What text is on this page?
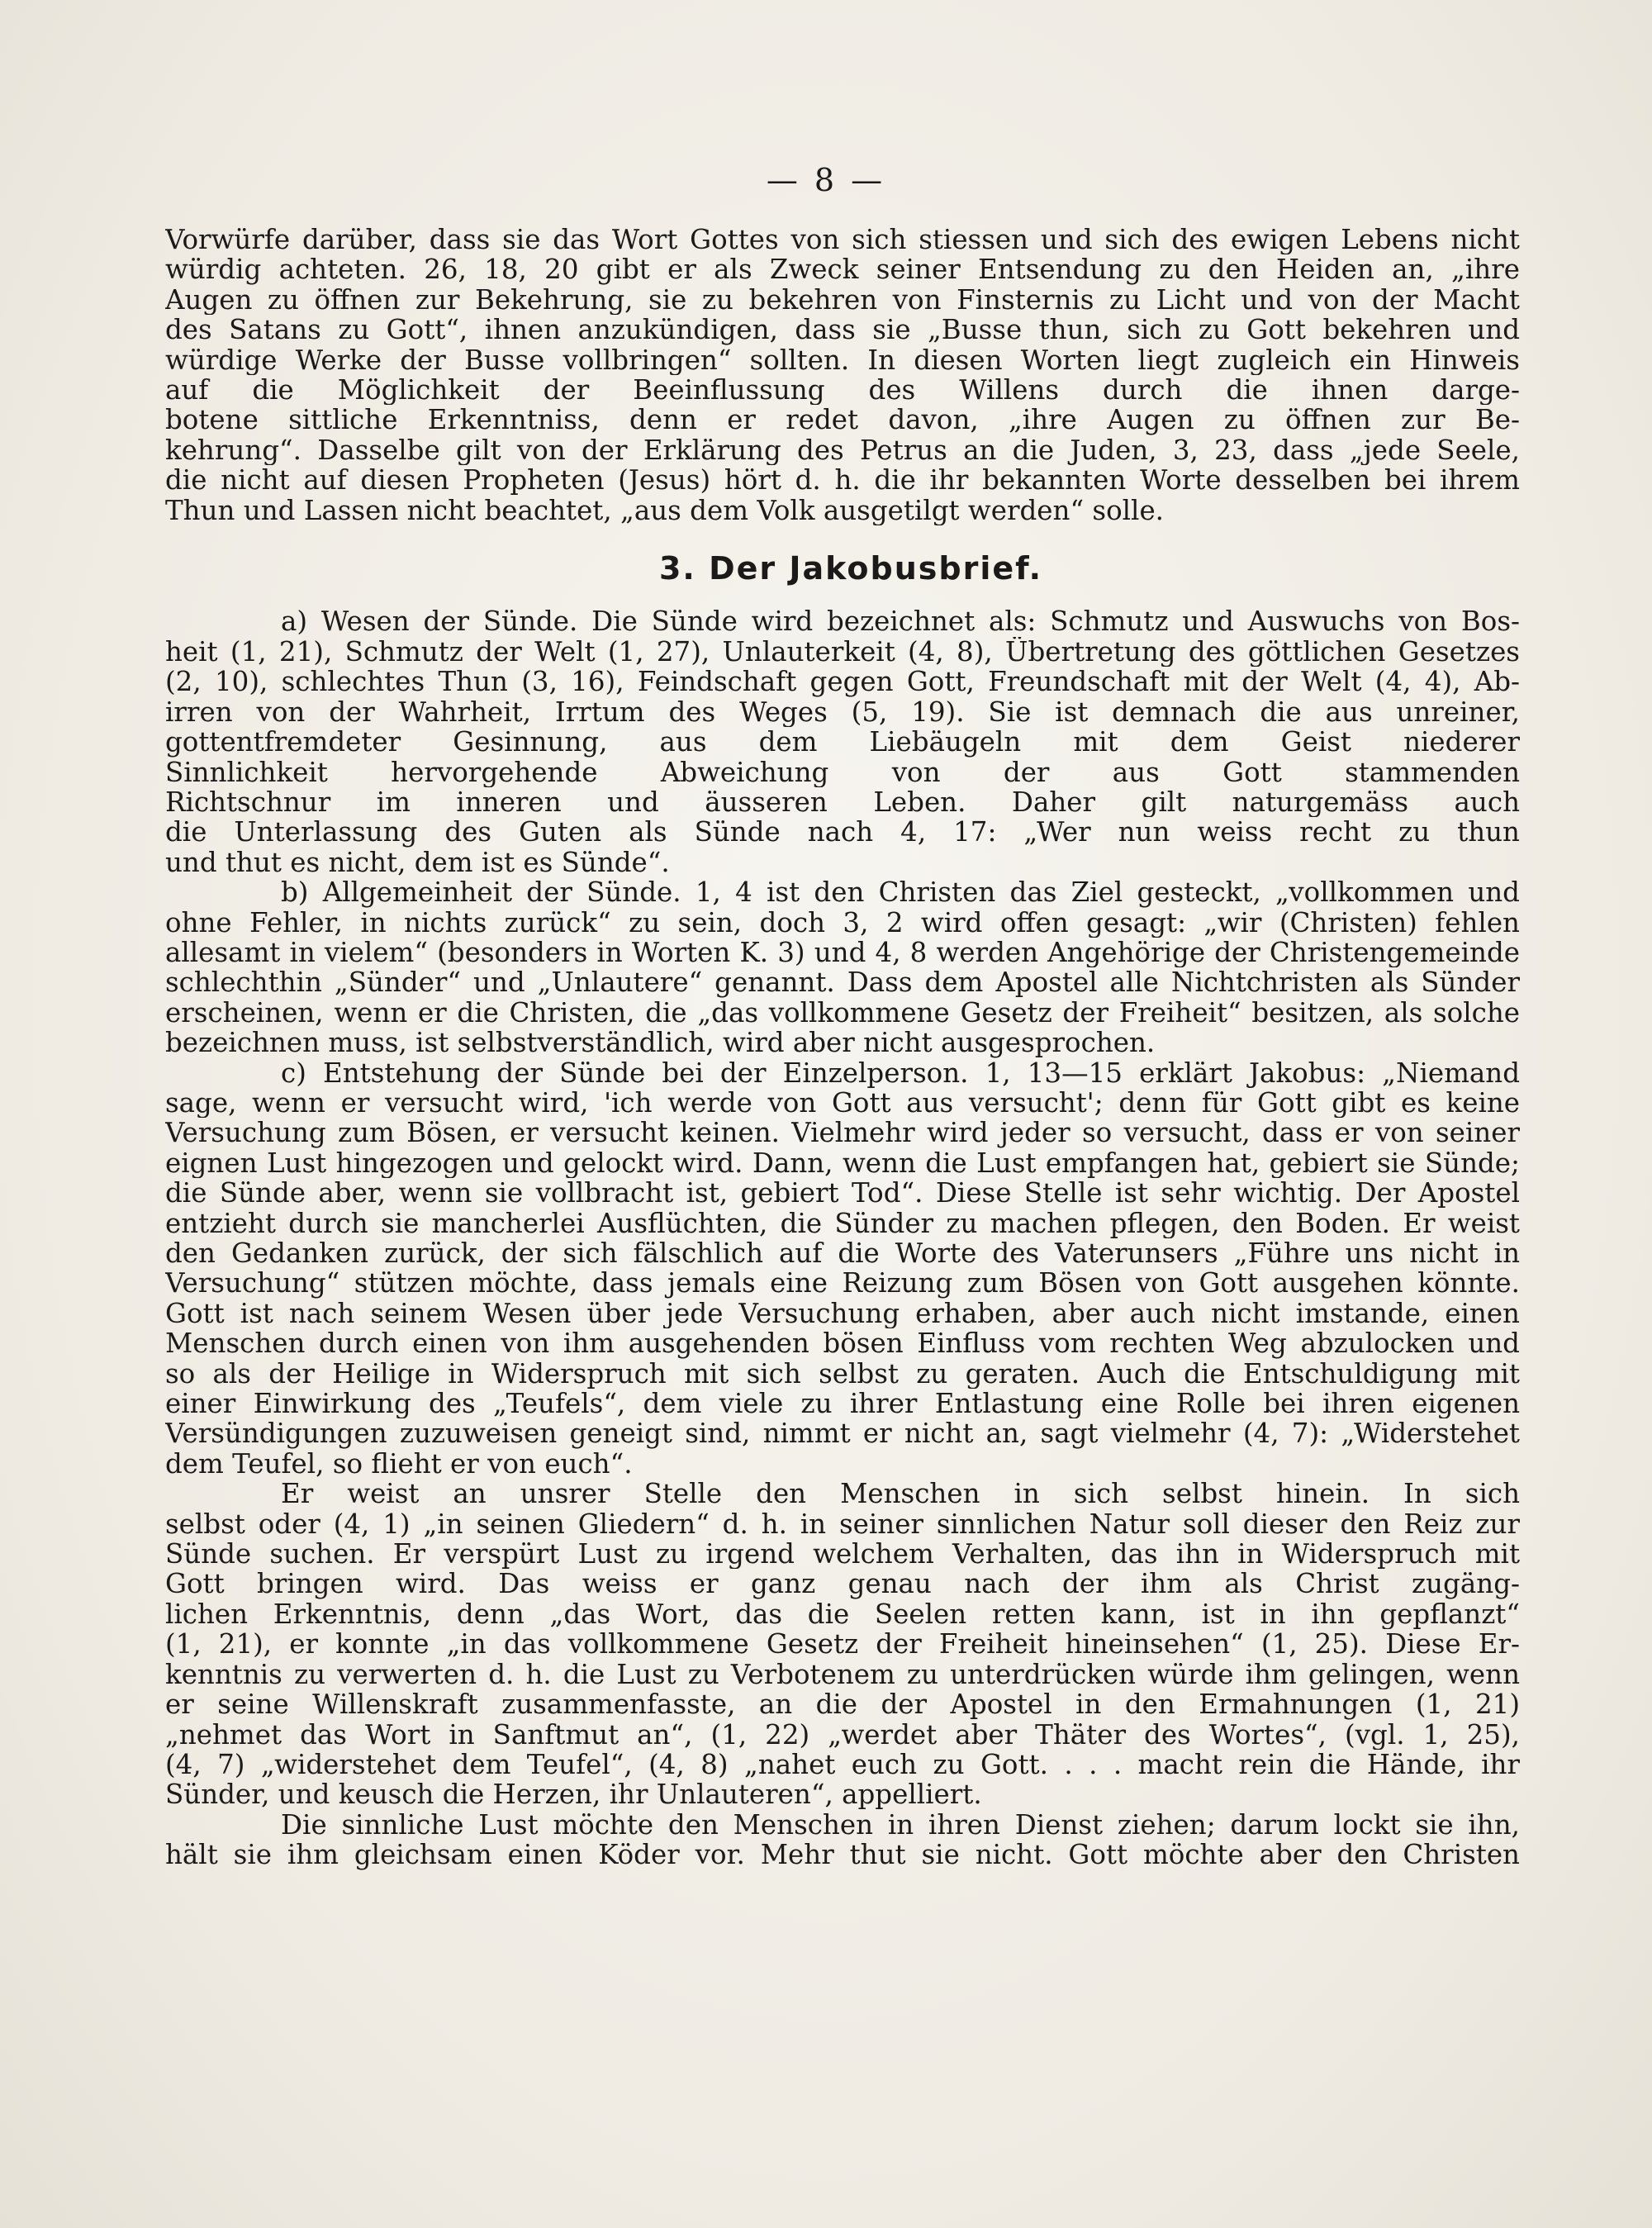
— 8 —
Vorwürfe darüber, dass sie das Wort Gottes von sich stiessen und sich des ewigen Lebens nicht
würdig achteten. 26, 18, 20 gibt er als Zweck seiner Entsendung zu den Heiden an, „ihre
Augen zu öffnen zur Bekehrung, sie zu bekehren von Finsternis zu Licht und von der Macht
des Satans zu Gott“, ihnen anzukündigen, dass sie „Busse thun, sich zu Gott bekehren und
würdige Werke der Busse vollbringen“ sollten. In diesen Worten liegt zugleich ein Hinweis
auf die Möglichkeit der Beeinflussung des Willens durch die ihnen darge-
botene sittliche Erkenntniss, denn er redet davon, „ihre Augen zu öffnen zur Be-
kehrung“. Dasselbe gilt von der Erklärung des Petrus an die Juden, 3, 23, dass „jede Seele,
die nicht auf diesen Propheten (Jesus) hört d. h. die ihr bekannten Worte desselben bei ihrem
Thun und Lassen nicht beachtet, „aus dem Volk ausgetilgt werden“ solle.
3. Der Jakobusbrief.
a) Wesen der Sünde. Die Sünde wird bezeichnet als: Schmutz und Auswuchs von Bos-
heit (1, 21), Schmutz der Welt (1, 27), Unlauterkeit (4, 8), Übertretung des göttlichen Gesetzes
(2, 10), schlechtes Thun (3, 16), Feindschaft gegen Gott, Freundschaft mit der Welt (4, 4), Ab-
irren von der Wahrheit, Irrtum des Weges (5, 19). Sie ist demnach die aus unreiner,
gottentfremdeter Gesinnung, aus dem Liebäugeln mit dem Geist niederer
Sinnlichkeit hervorgehende Abweichung von der aus Gott stammenden
Richtschnur im inneren und äusseren Leben. Daher gilt naturgemäss auch
die Unterlassung des Guten als Sünde nach 4, 17: „Wer nun weiss recht zu thun
und thut es nicht, dem ist es Sünde“.
b) Allgemeinheit der Sünde. 1, 4 ist den Christen das Ziel gesteckt, „vollkommen und
ohne Fehler, in nichts zurück“ zu sein, doch 3, 2 wird offen gesagt: „wir (Christen) fehlen
allesamt in vielem“ (besonders in Worten K. 3) und 4, 8 werden Angehörige der Christengemeinde
schlechthin „Sünder“ und „Unlautere“ genannt. Dass dem Apostel alle Nichtchristen als Sünder
erscheinen, wenn er die Christen, die „das vollkommene Gesetz der Freiheit“ besitzen, als solche
bezeichnen muss, ist selbstverständlich, wird aber nicht ausgesprochen.
c) Entstehung der Sünde bei der Einzelperson. 1, 13—15 erklärt Jakobus: „Niemand
sage, wenn er versucht wird, 'ich werde von Gott aus versucht'; denn für Gott gibt es keine
Versuchung zum Bösen, er versucht keinen. Vielmehr wird jeder so versucht, dass er von seiner
eignen Lust hingezogen und gelockt wird. Dann, wenn die Lust empfangen hat, gebiert sie Sünde;
die Sünde aber, wenn sie vollbracht ist, gebiert Tod“. Diese Stelle ist sehr wichtig. Der Apostel
entzieht durch sie mancherlei Ausflüchten, die Sünder zu machen pflegen, den Boden. Er weist
den Gedanken zurück, der sich fälschlich auf die Worte des Vaterunsers „Führe uns nicht in
Versuchung“ stützen möchte, dass jemals eine Reizung zum Bösen von Gott ausgehen könnte.
Gott ist nach seinem Wesen über jede Versuchung erhaben, aber auch nicht imstande, einen
Menschen durch einen von ihm ausgehenden bösen Einfluss vom rechten Weg abzulocken und
so als der Heilige in Widerspruch mit sich selbst zu geraten. Auch die Entschuldigung mit
einer Einwirkung des „Teufels“, dem viele zu ihrer Entlastung eine Rolle bei ihren eigenen
Versündigungen zuzuweisen geneigt sind, nimmt er nicht an, sagt vielmehr (4, 7): „Widerstehet
dem Teufel, so flieht er von euch“.
Er weist an unsrer Stelle den Menschen in sich selbst hinein. In sich
selbst oder (4, 1) „in seinen Gliedern“ d. h. in seiner sinnlichen Natur soll dieser den Reiz zur
Sünde suchen. Er verspürt Lust zu irgend welchem Verhalten, das ihn in Widerspruch mit
Gott bringen wird. Das weiss er ganz genau nach der ihm als Christ zugäng-
lichen Erkenntnis, denn „das Wort, das die Seelen retten kann, ist in ihn gepflanzt“
(1, 21), er konnte „in das vollkommene Gesetz der Freiheit hineinsehen“ (1, 25). Diese Er-
kenntnis zu verwerten d. h. die Lust zu Verbotenem zu unterdrücken würde ihm gelingen, wenn
er seine Willenskraft zusammenfasste, an die der Apostel in den Ermahnungen (1, 21)
„nehmet das Wort in Sanftmut an“, (1, 22) „werdet aber Thäter des Wortes“, (vgl. 1, 25),
(4, 7) „widerstehet dem Teufel“, (4, 8) „nahet euch zu Gott. . . . macht rein die Hände, ihr
Sünder, und keusch die Herzen, ihr Unlauteren“, appelliert.
Die sinnliche Lust möchte den Menschen in ihren Dienst ziehen; darum lockt sie ihn,
hält sie ihm gleichsam einen Köder vor. Mehr thut sie nicht. Gott möchte aber den Christen
